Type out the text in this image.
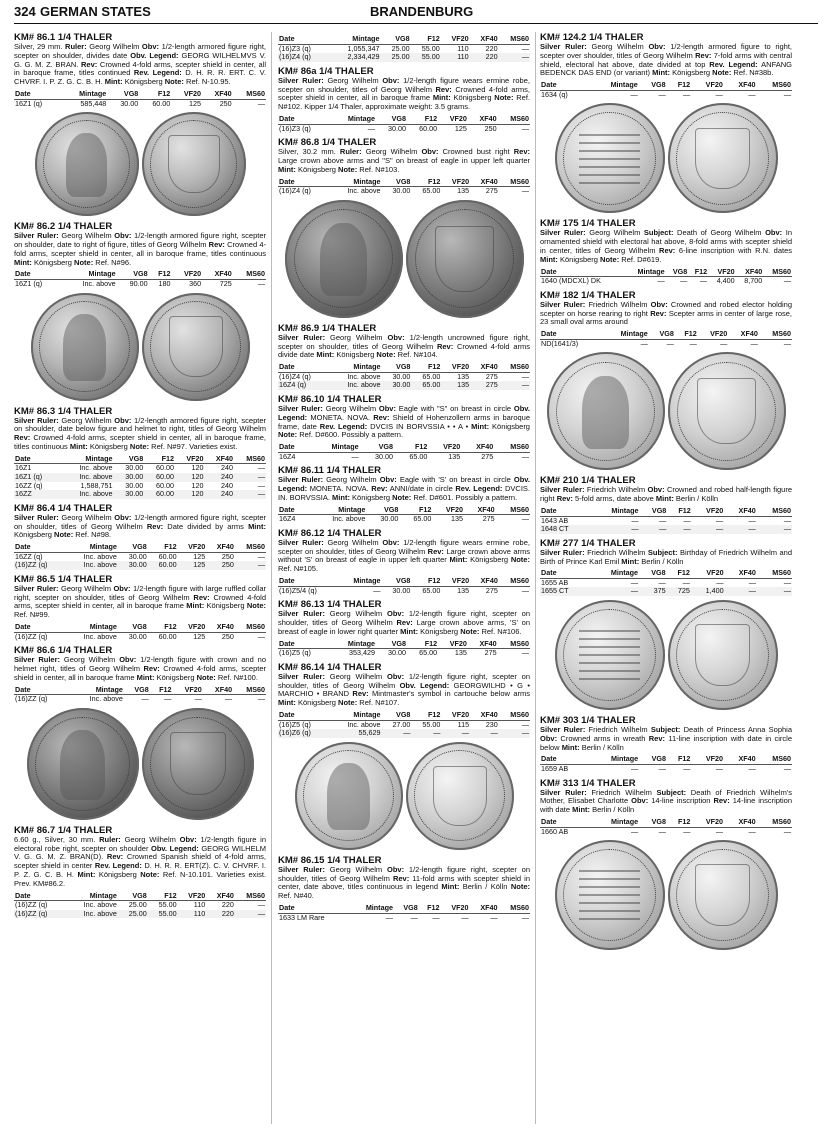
324 GERMAN STATES	BRANDENBURG
KM# 86.1 1/4 THALER
Silver, 29 mm. Ruler: Georg Wilhelm Obv: 1/2-length armored figure right, scepter on shoulder, divides date Obv. Legend: GEORG WILHELMVS V. G. G. M. Z. BRAN. Rev: Crowned 4-fold arms, scepter shield in center, all in baroque frame, titles continued Rev. Legend: D. H. R. R. ERT. C. V. CHVRF. I. P. Z. G. C. B. H. Mint: Königsberg Note: Ref. N-10.95.
Date	Mintage	VG8	F12	VF20	XF40	MS60
16Z1 (q)	585,448	30.00	60.00	125	250	—
KM# 86.2 1/4 THALER
Silver Ruler: Georg Wilhelm Obv: 1/2-length armored figure right, scepter on shoulder, date to right of figure, titles of Georg Wilhelm Rev: Crowned 4-fold arms, scepter shield in center, all in baroque frame, titles continuous Mint: Königsberg Note: Ref. N#96.
Date	Mintage	VG8	F12	VF20	XF40	MS60
16Z1 (q)	Inc. above	90.00	180	360	725	—
KM# 86.3 1/4 THALER
Silver Ruler: Georg Wilhelm Obv: 1/2-length armored figure right, scepter on shoulder, date below figure and helmet to right, titles of Georg Wilhelm Rev: Crowned 4-fold arms, scepter shield in center, all in baroque frame, titles continuous Mint: Königsberg Note: Ref. N#97. Varieties exist.
Date	Mintage	VG8	F12	VF20	XF40	MS60
16Z1	Inc. above	30.00	60.00	120	240	—
16Z1 (q)	Inc. above	30.00	60.00	120	240	—
16ZZ (q)	1,588,751	30.00	60.00	120	240	—
16ZZ	Inc. above	30.00	60.00	120	240	—
KM# 86.4 1/4 THALER
Silver Ruler: Georg Wilhelm Obv: 1/2-length armored figure right, scepter on shoulder, titles of Georg Wilhelm Rev: Date divided by arms Mint: Königsberg Note: Ref. N#98.
Date	Mintage	VG8	F12	VF20	XF40	MS60
16ZZ (q)	Inc. above	30.00	60.00	125	250	—
(16)ZZ (q)	Inc. above	30.00	60.00	125	250	—
KM# 86.5 1/4 THALER
Silver Ruler: Georg Wilhelm Obv: 1/2-length figure with large ruffled collar right, scepter on shoulder, titles of Georg Wilhelm Rev: Crowned 4-fold arms, scepter shield in center, all in baroque frame Mint: Königsberg Note: Ref. N#99.
Date	Mintage	VG8	F12	VF20	XF40	MS60
(16)ZZ (q)	Inc. above	30.00	60.00	125	250	—
KM# 86.6 1/4 THALER
Silver Ruler: Georg Wilhelm Obv: 1/2-length figure with crown and no helmet right, titles of Georg Wilhelm Rev: Crowned 4-fold arms, scepter shield in center, all in baroque frame Mint: Königsberg Note: Ref. N#100.
Date	Mintage	VG8	F12	VF20	XF40	MS60
(16)ZZ (q)	Inc. above	—	—	—	—	—
KM# 86.7 1/4 THALER
6.60 g., Silver, 30 mm. Ruler: Georg Wilhelm Obv: 1/2-length figure in electoral robe right, scepter on shoulder Obv. Legend: GEORG WILHELM V. G. G. M. Z. BRAN(D). Rev: Crowned Spanish shield of 4-fold arms, scepter shield in center Rev. Legend: D. H. R. R. ERT(Z). C. V. CHVRF. I. P. Z. G. C. B. H. Mint: Königsberg Note: Ref. N-10.101. Varieties exist. Prev. KM#86.2.
Date	Mintage	VG8	F12	VF20	XF40	MS60
(16)ZZ (q)	Inc. above	25.00	55.00	110	220	—
(16)ZZ (q)	Inc. above	25.00	55.00	110	220	—
Date	Mintage	VG8	F12	VF20	XF40	MS60
(16)Z3 (q)	1,055,347	25.00	55.00	110	220	—
(16)Z4 (q)	2,334,429	25.00	55.00	110	220	—
KM# 86a 1/4 THALER
Silver Ruler: Georg Wilhelm Obv: 1/2-length figure wears ermine robe, scepter on shoulder, titles of Georg Wilhelm Rev: Crowned 4-fold arms, scepter shield in center, all in baroque frame Mint: Königsberg Note: Ref. N#102. Kipper 1/4 Thaler, approximate weight: 3.5 grams.
Date	Mintage	VG8	F12	VF20	XF40	MS60
(16)Z3 (q)	—	30.00	60.00	125	250	—
KM# 86.8 1/4 THALER
Silver, 30.2 mm. Ruler: Georg Wilhelm Obv: Crowned bust right Rev: Large crown above arms and "S" on breast of eagle in upper left quarter Mint: Königsberg Note: Ref. N#103.
Date	Mintage	VG8	F12	VF20	XF40	MS60
(16)Z4 (q)	Inc. above	30.00	65.00	135	275	—
KM# 86.9 1/4 THALER
Silver Ruler: Georg Wilhelm Obv: 1/2-length uncrowned figure right, scepter on shoulder, titles of Georg Wilhelm Rev: Crowned 4-fold arms divide date Mint: Königsberg Note: Ref. N#104.
Date	Mintage	VG8	F12	VF20	XF40	MS60
(16)Z4 (q)	Inc. above	30.00	65.00	135	275	—
16Z4 (q)	Inc. above	30.00	65.00	135	275	—
KM# 86.10 1/4 THALER
Silver Ruler: Georg Wilhelm Obv: Eagle with "S" on breast in circle Obv. Legend: MONETA. NOVA. Rev: Shield of Hohenzollern arms in baroque frame, date Rev. Legend: DVCIS IN BORVSSIA • • A • Mint: Königsberg Note: Ref. D#600. Possibly a pattern.
Date	Mintage	VG8	F12	VF20	XF40	MS60
16Z4	—	30.00	65.00	135	275	—
KM# 86.11 1/4 THALER
Silver Ruler: Georg Wilhelm Obv: Eagle with 'S' on breast in circle Obv. Legend: MONETA. NOVA. Rev: ANNI/date in circle Rev. Legend: DVCIS. IN. BORVSSIA. Mint: Königsberg Note: Ref. D#601. Possibly a pattern.
Date	Mintage	VG8	F12	VF20	XF40	MS60
16Z4	Inc. above	30.00	65.00	135	275	—
KM# 86.12 1/4 THALER
Silver Ruler: Georg Wilhelm Obv: 1/2-length figure wears ermine robe, scepter on shoulder, titles of Georg Wilhelm Rev: Large crown above arms without 'S' on breast of eagle in upper left quarter Mint: Königsberg Note: Ref. N#105.
Date	Mintage	VG8	F12	VF20	XF40	MS60
(16)Z5/4 (q)	—	30.00	65.00	135	275	—
KM# 86.13 1/4 THALER
Silver Ruler: Georg Wilhelm Obv: 1/2-length figure right, scepter on shoulder, titles of Georg Wilhelm Rev: Large crown above arms, 'S' on breast of eagle in lower right quarter Mint: Königsberg Note: Ref. N#106.
Date	Mintage	VG8	F12	VF20	XF40	MS60
(16)Z5 (q)	353,429	30.00	65.00	135	275	—
KM# 86.14 1/4 THALER
Silver Ruler: Georg Wilhelm Obv: 1/2-length figure right, scepter on shoulder, titles of Georg Wilhelm Obv. Legend: GEORGWILHD • G • MARCHIO • BRAND Rev: Mintmaster's symbol in cartouche below arms Mint: Königsberg Note: Ref. N#107.
Date	Mintage	VG8	F12	VF20	XF40	MS60
(16)Z5 (q)	Inc. above	27.00	55.00	115	230	—
(16)Z6 (q)	55,629	—	—	—	—	—
KM# 86.15 1/4 THALER
Silver Ruler: Georg Wilhelm Obv: 1/2-length figure right, scepter on shoulder, titles of Georg Wilhelm Rev: 11-fold arms with scepter shield in center, date above, titles continuous in legend Mint: Berlin / Kölln Note: Ref. N#40.
Date	Mintage	VG8	F12	VF20	XF40	MS60
1633 LM Rare	—	—	—	—	—	—
KM# 124.2 1/4 THALER
Silver Ruler: Georg Wilhelm Obv: 1/2-length armored figure to right, scepter over shoulder, titles of Georg Wilhelm Rev: 7-fold arms with central shield, electoral hat above, date divided at top Rev. Legend: ANFANG BEDENCK DAS END (or variant) Mint: Königsberg Note: Ref. N#38b.
Date	Mintage	VG8	F12	VF20	XF40	MS60
1634 (q)	—	—	—	—	—	—
KM# 175 1/4 THALER
Silver Ruler: Georg Wilhelm Subject: Death of Georg Wilhelm Obv: In ornamented shield with electoral hat above, 8-fold arms with scepter shield in center, titles of Georg Wilhelm Rev: 6-line inscription with R.N. dates Mint: Königsberg Note: Ref. D#619.
Date	Mintage	VG8	F12	VF20	XF40	MS60
1640 (MDCXL) DK	—	—	—	4,400	8,700	—
KM# 182 1/4 THALER
Silver Ruler: Friedrich Wilhelm Obv: Crowned and robed elector holding scepter on horse rearing to right Rev: Scepter arms in center of large rose, 23 small oval arms around
Date	Mintage	VG8	F12	VF20	XF40	MS60
ND(1641/3)	—	—	—	—	—	—
KM# 210 1/4 THALER
Silver Ruler: Friedrich Wilhelm Obv: Crowned and robed half-length figure right Rev: 5-fold arms, date above Mint: Berlin / Kölln
Date	Mintage	VG8	F12	VF20	XF40	MS60
1643 AB	—	—	—	—	—	—
1648 CT	—	—	—	—	—	—
KM# 277 1/4 THALER
Silver Ruler: Friedrich Wilhelm Subject: Birthday of Friedrich Wilhelm and Birth of Prince Karl Emil Mint: Berlin / Kölln
Date	Mintage	VG8	F12	VF20	XF40	MS60
1655 AB	—	—	—	—	—	—
1655 CT	—	375	725	1,400	—	—
KM# 303 1/4 THALER
Silver Ruler: Friedrich Wilhelm Subject: Death of Princess Anna Sophia Obv: Crowned arms in wreath Rev: 11-line inscription with date in circle below Mint: Berlin / Kölln
Date	Mintage	VG8	F12	VF20	XF40	MS60
1659 AB	—	—	—	—	—	—
KM# 313 1/4 THALER
Silver Ruler: Friedrich Wilhelm Subject: Death of Friedrich Wilhelm's Mother, Elisabet Charlotte Obv: 14-line inscription Rev: 14-line inscription with date Mint: Berlin / Kölln
Date	Mintage	VG8	F12	VF20	XF40	MS60
1660 AB	—	—	—	—	—	—
